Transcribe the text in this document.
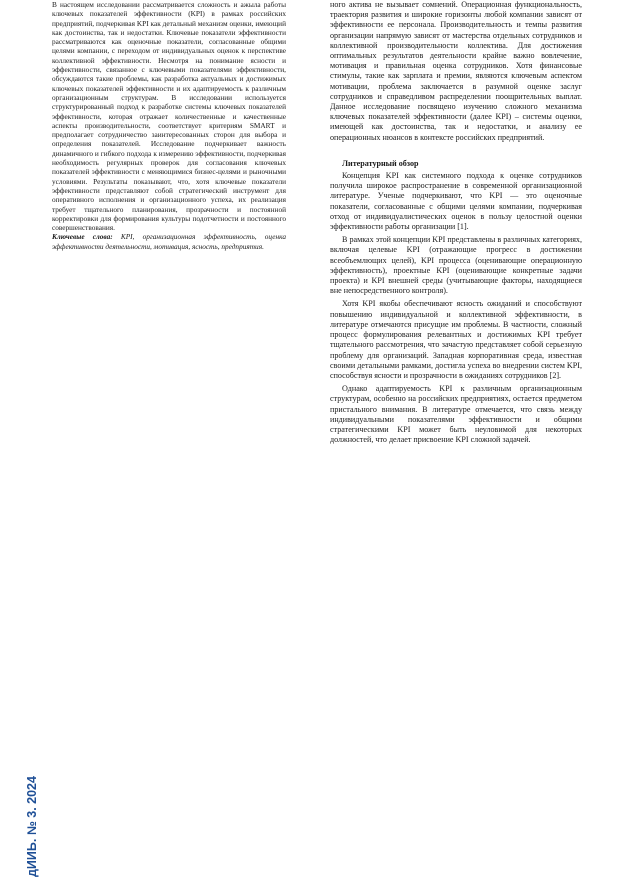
В настоящем исследовании рассматривается сложность и ажыла работы ключевых показателей эффективности (KPI) в рамках российских предприятий, подчеркивая KPI как детальный механизм оценки, имеющий как достоинства, так и недостатки. Ключевые показатели эффективности рассматриваются как оценочные показатели, согласованные общими целями компании, с переходом от индивидуальных оценок к перспективе коллективной эффективности. Несмотря на понимание ясности и эффективности, связанное с ключевыми показателями эффективности, обсуждаются такие проблемы, как разработка актуальных и достижимых ключевых показателей эффективности и их адаптируемость к различным организационным структурам. В исследовании используется структурированный подход к разработке системы ключевых показателей эффективности, которая отражает количественные и качественные аспекты производительности, соответствует критериям SMART и предполагает сотрудничество заинтересованных сторон для выбора и определения показателей. Исследование подчеркивает важность динамичного и гибкого подхода к измерению эффективности, подчеркивая необходимость регулярных проверок для согласования ключевых показателей эффективности с меняющимися бизнес-целями и рыночными условиями. Результаты показывают, что, хотя ключевые показатели эффективности представляют собой стратегический инструмент для оперативного исполнения и организационного успеха, их реализация требует тщательного планирования, прозрачности и постоянной корректировки для формирования культуры подотчетности и постоянного совершенствования.

Ключевые слова: KPI, организационная эффективность, оценка эффективности деятельности, мотивация, ясность, предприятия.

ного актива не вызывает сомнений. Операционная функциональность, траектория развития и широкие горизонты любой компании зависят от эффективности ее персонала. Производительность и темпы развития организации напрямую зависят от мастерства отдельных сотрудников и коллективной производительности коллектива. Для достижения оптимальных результатов деятельности крайне важно вовлечение, мотивация и правильная оценка сотрудников. Хотя финансовые стимулы, такие как зарплата и премии, являются ключевым аспектом мотивации, проблема заключается в разумной оценке заслуг сотрудников и справедливом распределении поощрительных выплат. Данное исследование посвящено изучению сложного механизма ключевых показателей эффективности (далее KPI) – системы оценки, имеющей как достоинства, так и недостатки, и анализу ее операционных нюансов в контексте российских предприятий.

Литературный обзор

Концепция KPI как системного подхода к оценке сотрудников получила широкое распространение в современной организационной литературе. Ученые подчеркивают, что KPI — это оценочные показатели, согласованные с общими целями компании, подчеркивая отход от индивидуалистических оценок в пользу целостной оценки эффективности работы организации [1].

В рамках этой концепции KPI представлены в различных категориях, включая целевые KPI (отражающие прогресс в достижении всеобъемлющих целей), KPI процесса (оценивающие операционную эффективность), проектные KPI (оценивающие конкретные задачи проекта) и KPI внешней среды (учитывающие факторы, находящиеся вне непосредственного контроля).

Хотя KPI якобы обеспечивают ясность ожиданий и способствуют повышению индивидуальной и коллективной эффективности, в литературе отмечаются присущие им проблемы. В частности, сложный процесс формулирования релевантных и достижимых KPI требует тщательного рассмотрения, что зачастую представляет собой серьезную проблему для организаций. Западная корпоративная среда, известная своими детальными рамками, достигла успеха во внедрении систем KPI, способствуя ясности и прозрачности в ожиданиях сотрудников [2].

Однако адаптируемость KPI к различным организационным структурам, особенно на российских предприятиях, остается предметом пристального внимания. В литературе отмечается, что связь между индивидуальными показателями эффективности и общими стратегическими KPI может быть неуловимой для некоторых должностей, что делает присвоение KPI сложной задачей.

дИИЬ. № 3. 2024
